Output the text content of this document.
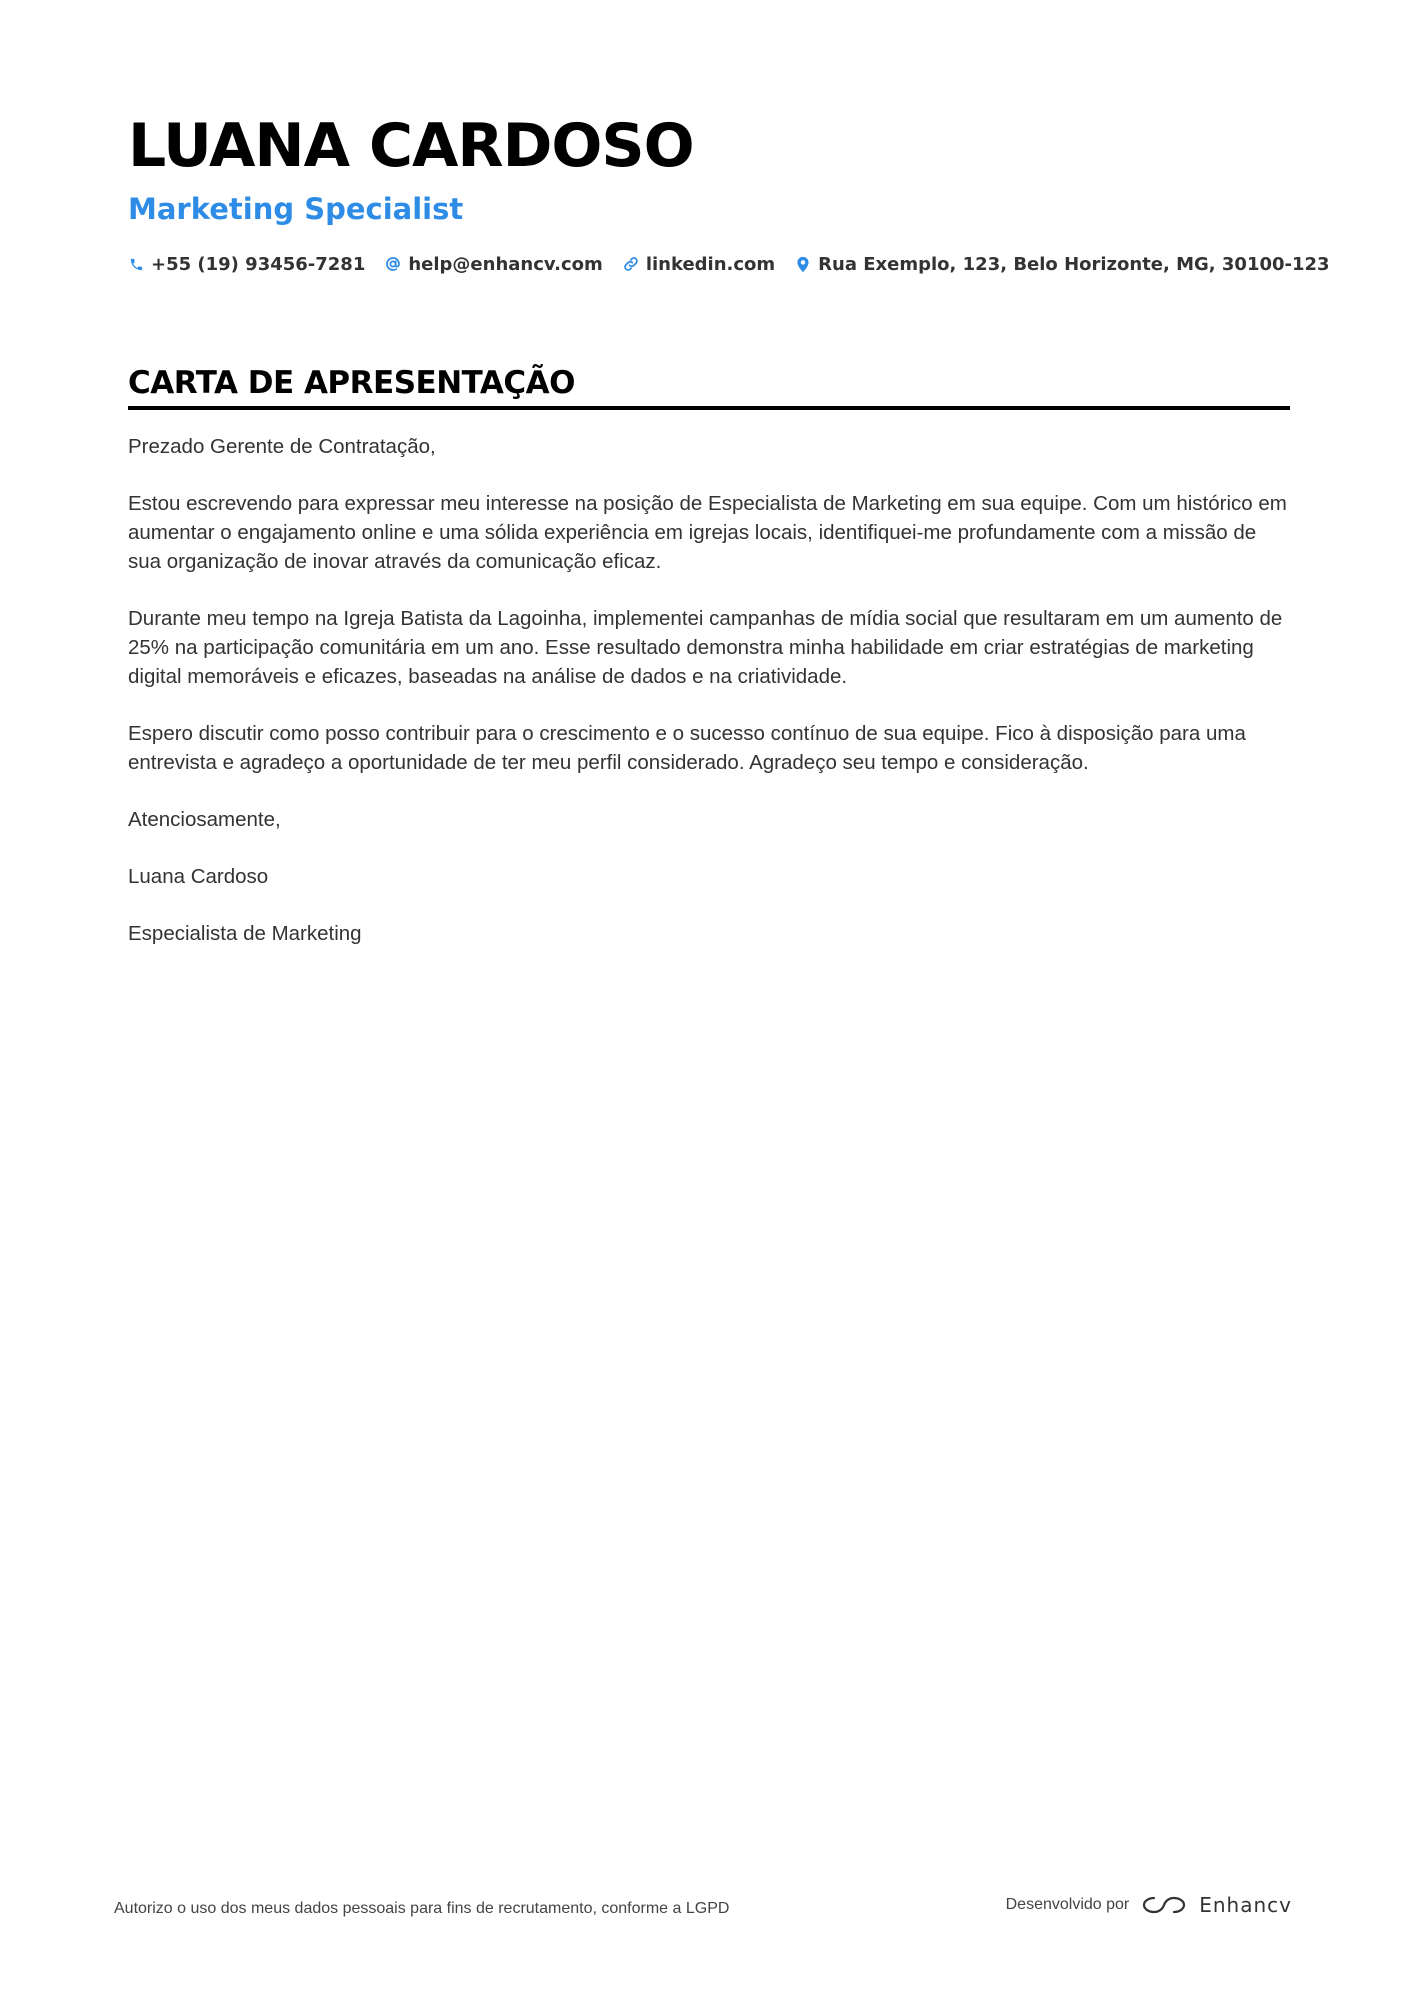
LUANA CARDOSO
Marketing Specialist
+55 (19) 93456-7281 help@enhancv.com linkedin.com Rua Exemplo, 123, Belo Horizonte, MG, 30100-123
CARTA DE APRESENTAÇÃO

Prezado Gerente de Contratação,

Estou escrevendo para expressar meu interesse na posição de Especialista de Marketing em sua equipe. Com um histórico em aumentar o engajamento online e uma sólida experiência em igrejas locais, identifiquei-me profundamente com a missão de sua organização de inovar através da comunicação eficaz.

Durante meu tempo na Igreja Batista da Lagoinha, implementei campanhas de mídia social que resultaram em um aumento de 25% na participação comunitária em um ano. Esse resultado demonstra minha habilidade em criar estratégias de marketing digital memoráveis e eficazes, baseadas na análise de dados e na criatividade.

Espero discutir como posso contribuir para o crescimento e o sucesso contínuo de sua equipe. Fico à disposição para uma entrevista e agradeço a oportunidade de ter meu perfil considerado. Agradeço seu tempo e consideração.

Atenciosamente,

Luana Cardoso

Especialista de Marketing

Autorizo o uso dos meus dados pessoais para fins de recrutamento, conforme a LGPD	Desenvolvido por	Enhancv
